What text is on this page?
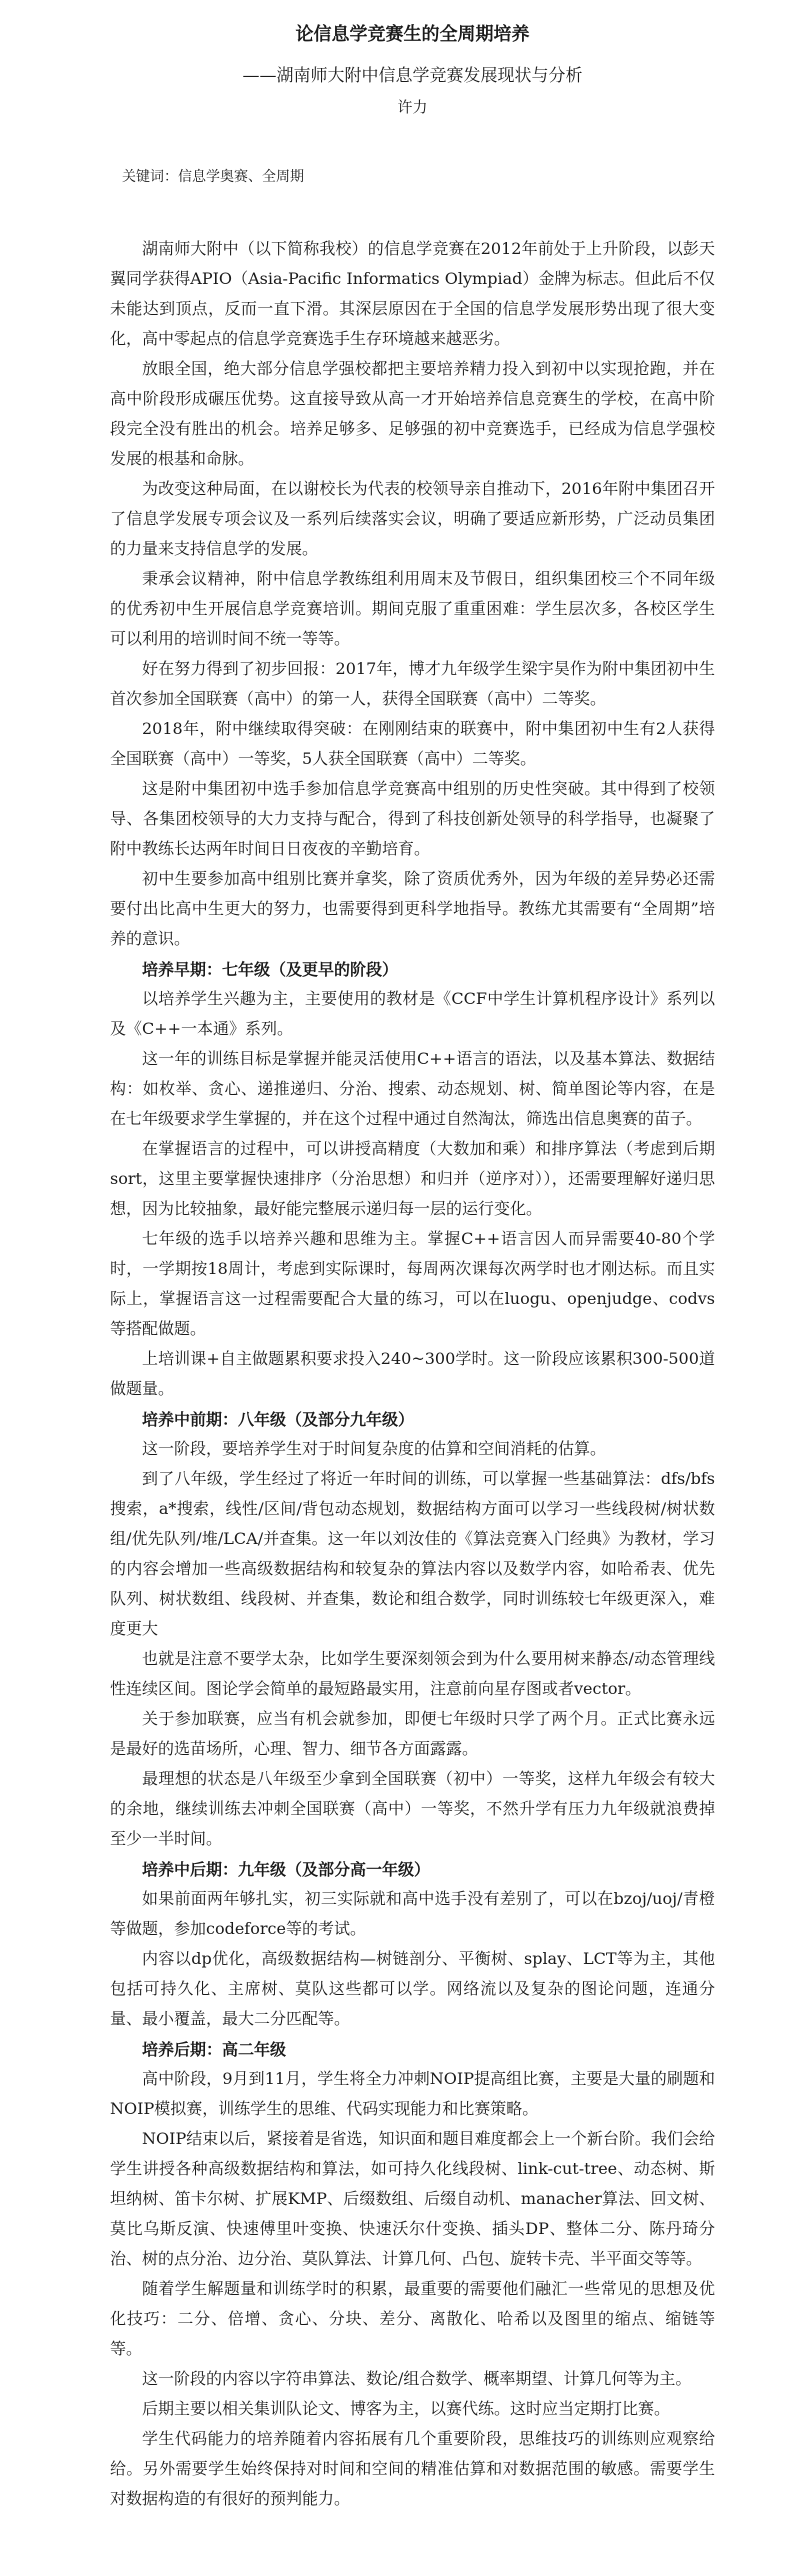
论信息学竞赛生的全周期培养
——湖南师大附中信息学竞赛发展现状与分析
许力
关键词：信息学奥赛、全周期

湖南师大附中（以下简称我校）的信息学竞赛在2012年前处于上升阶段，以彭天翼同学获得APIO（Asia-Pacific Informatics Olympiad）金牌为标志。但此后不仅未能达到顶点，反而一直下滑。其深层原因在于全国的信息学发展形势出现了很大变化，高中零起点的信息学竞赛选手生存环境越来越恶劣。

放眼全国，绝大部分信息学强校都把主要培养精力投入到初中以实现抢跑，并在高中阶段形成碾压优势。这直接导致从高一才开始培养信息竞赛生的学校，在高中阶段完全没有胜出的机会。培养足够多、足够强的初中竞赛选手，已经成为信息学强校发展的根基和命脉。

为改变这种局面，在以谢校长为代表的校领导亲自推动下，2016年附中集团召开了信息学发展专项会议及一系列后续落实会议，明确了要适应新形势，广泛动员集团的力量来支持信息学的发展。

秉承会议精神，附中信息学教练组利用周末及节假日，组织集团校三个不同年级的优秀初中生开展信息学竞赛培训。期间克服了重重困难：学生层次多，各校区学生可以利用的培训时间不统一等等。

好在努力得到了初步回报：2017年，博才九年级学生梁宇昊作为附中集团初中生首次参加全国联赛（高中）的第一人，获得全国联赛（高中）二等奖。

2018年，附中继续取得突破：在刚刚结束的联赛中，附中集团初中生有2人获得全国联赛（高中）一等奖，5人获全国联赛（高中）二等奖。

这是附中集团初中选手参加信息学竞赛高中组别的历史性突破。其中得到了校领导、各集团校领导的大力支持与配合，得到了科技创新处领导的科学指导，也凝聚了附中教练长达两年时间日日夜夜的辛勤培育。

初中生要参加高中组别比赛并拿奖，除了资质优秀外，因为年级的差异势必还需要付出比高中生更大的努力，也需要得到更科学地指导。教练尤其需要有“全周期”培养的意识。

培养早期：七年级（及更早的阶段）

以培养学生兴趣为主，主要使用的教材是《CCF中学生计算机程序设计》系列以及《C++一本通》系列。

这一年的训练目标是掌握并能灵活使用C++语言的语法，以及基本算法、数据结构：如枚举、贪心、递推递归、分治、搜索、动态规划、树、简单图论等内容，在是在七年级要求学生掌握的，并在这个过程中通过自然淘汰，筛选出信息奥赛的苗子。

在掌握语言的过程中，可以讲授高精度（大数加和乘）和排序算法（考虑到后期sort，这里主要掌握快速排序（分治思想）和归并（逆序对）），还需要理解好递归思想，因为比较抽象，最好能完整展示递归每一层的运行变化。

七年级的选手以培养兴趣和思维为主。掌握C++语言因人而异需要40-80个学时，一学期按18周计，考虑到实际课时，每周两次课每次两学时也才刚达标。而且实际上，掌握语言这一过程需要配合大量的练习，可以在luogu、openjudge、codvs等搭配做题。

上培训课+自主做题累积要求投入240~300学时。这一阶段应该累积300-500道做题量。

培养中前期：八年级（及部分九年级）

这一阶段，要培养学生对于时间复杂度的估算和空间消耗的估算。

到了八年级，学生经过了将近一年时间的训练，可以掌握一些基础算法：dfs/bfs搜索，a*搜索，线性/区间/背包动态规划，数据结构方面可以学习一些线段树/树状数组/优先队列/堆/LCA/并查集。这一年以刘汝佳的《算法竞赛入门经典》为教材，学习的内容会增加一些高级数据结构和较复杂的算法内容以及数学内容，如哈希表、优先队列、树状数组、线段树、并查集，数论和组合数学，同时训练较七年级更深入，难度更大

也就是注意不要学太杂，比如学生要深刻领会到为什么要用树来静态/动态管理线性连续区间。图论学会简单的最短路最实用，注意前向星存图或者vector。

关于参加联赛，应当有机会就参加，即便七年级时只学了两个月。正式比赛永远是最好的选苗场所，心理、智力、细节各方面露露。

最理想的状态是八年级至少拿到全国联赛（初中）一等奖，这样九年级会有较大的余地，继续训练去冲刺全国联赛（高中）一等奖，不然升学有压力九年级就浪费掉至少一半时间。

培养中后期：九年级（及部分高一年级）

如果前面两年够扎实，初三实际就和高中选手没有差别了，可以在bzoj/uoj/青橙等做题，参加codeforce等的考试。

内容以dp优化，高级数据结构—树链剖分、平衡树、splay、LCT等为主，其他包括可持久化、主席树、莫队这些都可以学。网络流以及复杂的图论问题，连通分量、最小覆盖，最大二分匹配等。

培养后期：高二年级

高中阶段，9月到11月，学生将全力冲刺NOIP提高组比赛，主要是大量的刷题和NOIP模拟赛，训练学生的思维、代码实现能力和比赛策略。

NOIP结束以后，紧接着是省选，知识面和题目难度都会上一个新台阶。我们会给学生讲授各种高级数据结构和算法，如可持久化线段树、link-cut-tree、动态树、斯坦纳树、笛卡尔树、扩展KMP、后缀数组、后缀自动机、manacher算法、回文树、莫比乌斯反演、快速傅里叶变换、快速沃尔什变换、插头DP、整体二分、陈丹琦分治、树的点分治、边分治、莫队算法、计算几何、凸包、旋转卡壳、半平面交等等。

随着学生解题量和训练学时的积累，最重要的需要他们融汇一些常见的思想及优化技巧：二分、倍增、贪心、分块、差分、离散化、哈希以及图里的缩点、缩链等等。

这一阶段的内容以字符串算法、数论/组合数学、概率期望、计算几何等为主。

后期主要以相关集训队论文、博客为主，以赛代练。这时应当定期打比赛。

学生代码能力的培养随着内容拓展有几个重要阶段，思维技巧的训练则应观察给给。另外需要学生始终保持对时间和空间的精准估算和对数据范围的敏感。需要学生对数据构造的有很好的预判能力。
